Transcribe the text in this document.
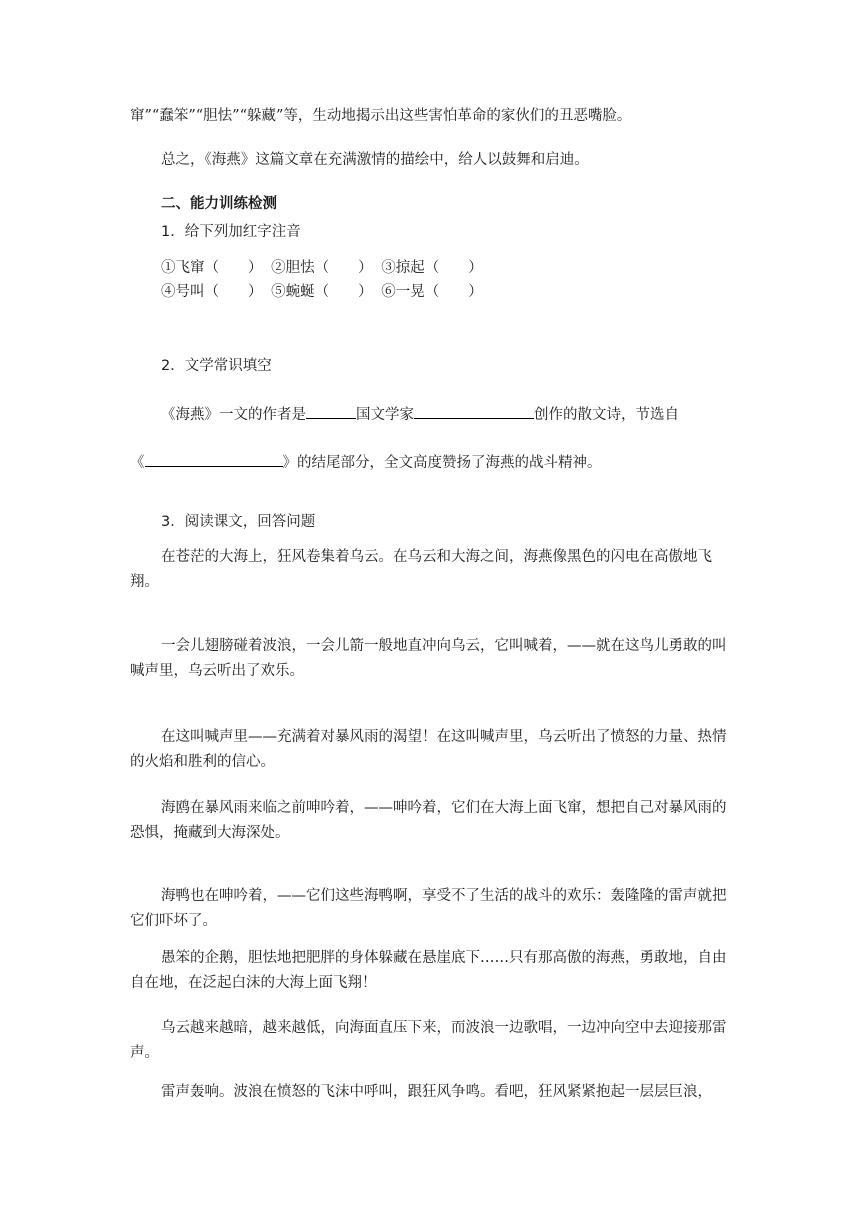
窜”“蠢笨”“胆怯”“躲藏”等，生动地揭示出这些害怕革命的家伙们的丑恶嘴脸。
总之，《海燕》这篇文章在充满激情的描绘中，给人以鼓舞和启迪。
二、能力训练检测
1．给下列加红字注音
①飞窜（　　） ②胆怯（　　） ③掠起（　　）
④号叫（　　） ⑤蜿蜒（　　） ⑥一晃（　　）
2．文学常识填空
《海燕》一文的作者是	国文学家	创作的散文诗，节选自
《	》的结尾部分，全文高度赞扬了海燕的战斗精神。
3．阅读课文，回答问题
在苍茫的大海上，狂风卷集着乌云。在乌云和大海之间，海燕像黑色的闪电在高傲地飞翔。
一会儿翅膀碰着波浪，一会儿箭一般地直冲向乌云，它叫喊着，——就在这鸟儿勇敢的叫喊声里，乌云听出了欢乐。
在这叫喊声里——充满着对暴风雨的渴望！在这叫喊声里，乌云听出了愤怒的力量、热情的火焰和胜利的信心。
海鸥在暴风雨来临之前呻吟着，——呻吟着，它们在大海上面飞窜，想把自己对暴风雨的恐惧，掩藏到大海深处。
海鸭也在呻吟着，——它们这些海鸭啊，享受不了生活的战斗的欢乐：轰隆隆的雷声就把它们吓坏了。
愚笨的企鹅，胆怯地把肥胖的身体躲藏在悬崖底下……只有那高傲的海燕，勇敢地，自由自在地，在泛起白沫的大海上面飞翔！
乌云越来越暗，越来越低，向海面直压下来，而波浪一边歌唱，一边冲向空中去迎接那雷声。
雷声轰响。波浪在愤怒的飞沫中呼叫，跟狂风争鸣。看吧，狂风紧紧抱起一层层巨浪，
